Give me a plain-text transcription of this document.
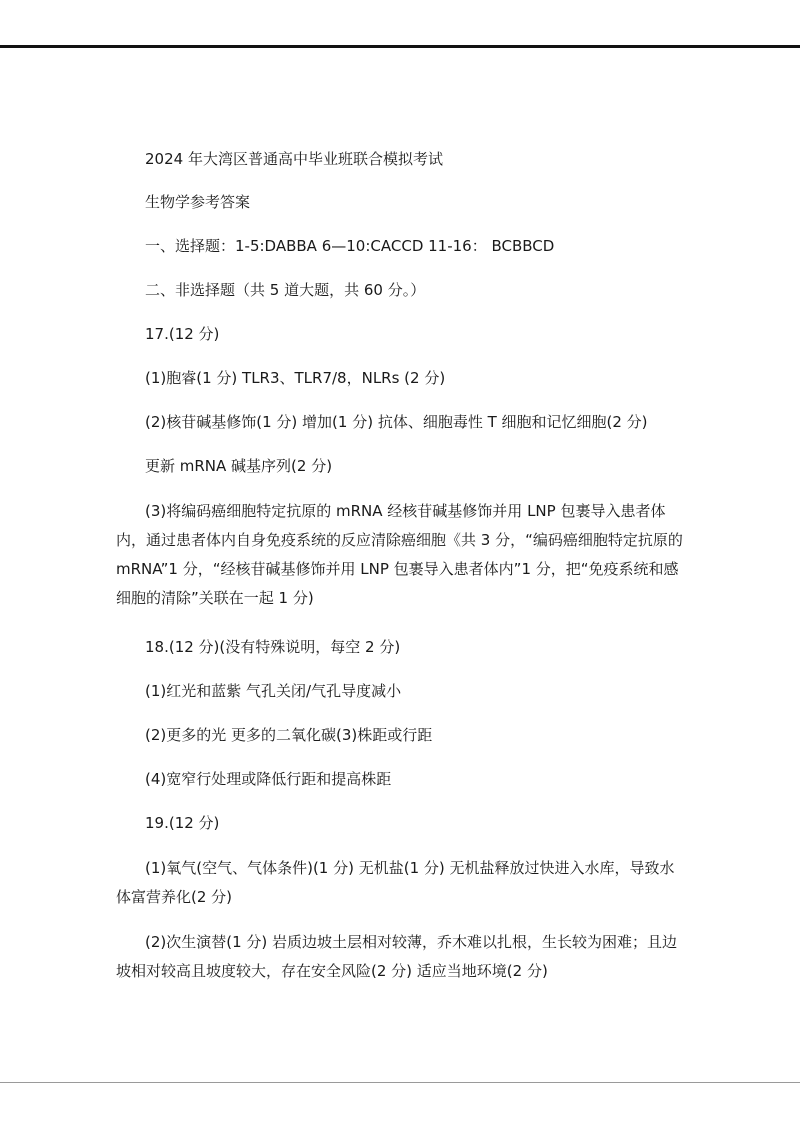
2024 年大湾区普通高中毕业班联合模拟考试
生物学参考答案
一、选择题：1-5:DABBA 6—10:CACCD 11-16： BCBBCD
二、非选择题（共 5 道大题，共 60 分。）
17.(12 分)
(1)胞睿(1 分) TLR3、TLR7/8，NLRs (2 分)
(2)核苷碱基修饰(1 分) 增加(1 分) 抗体、细胞毒性 T 细胞和记忆细胞(2 分)
更新 mRNA 碱基序列(2 分)
(3)将编码癌细胞特定抗原的 mRNA 经核苷碱基修饰并用 LNP 包裹导入患者体内，通过患者体内自身免疫系统的反应清除癌细胞《共 3 分，“编码癌细胞特定抗原的 mRNA”1 分，“经核苷碱基修饰并用 LNP 包裹导入患者体内”1 分，把“免疫系统和感细胞的清除”关联在一起 1 分)
18.(12 分)(没有特殊说明，每空 2 分)
(1)红光和蓝紫 气孔关闭/气孔导度减小
(2)更多的光 更多的二氧化碳(3)株距或行距
(4)宽窄行处理或降低行距和提高株距
19.(12 分)
(1)氧气(空气、气体条件)(1 分) 无机盐(1 分) 无机盐释放过快进入水库，导致水体富营养化(2 分)
(2)次生演替(1 分) 岩质边坡土层相对较薄，乔木难以扎根，生长较为困难；且边坡相对较高且坡度较大，存在安全风险(2 分) 适应当地环境(2 分)
